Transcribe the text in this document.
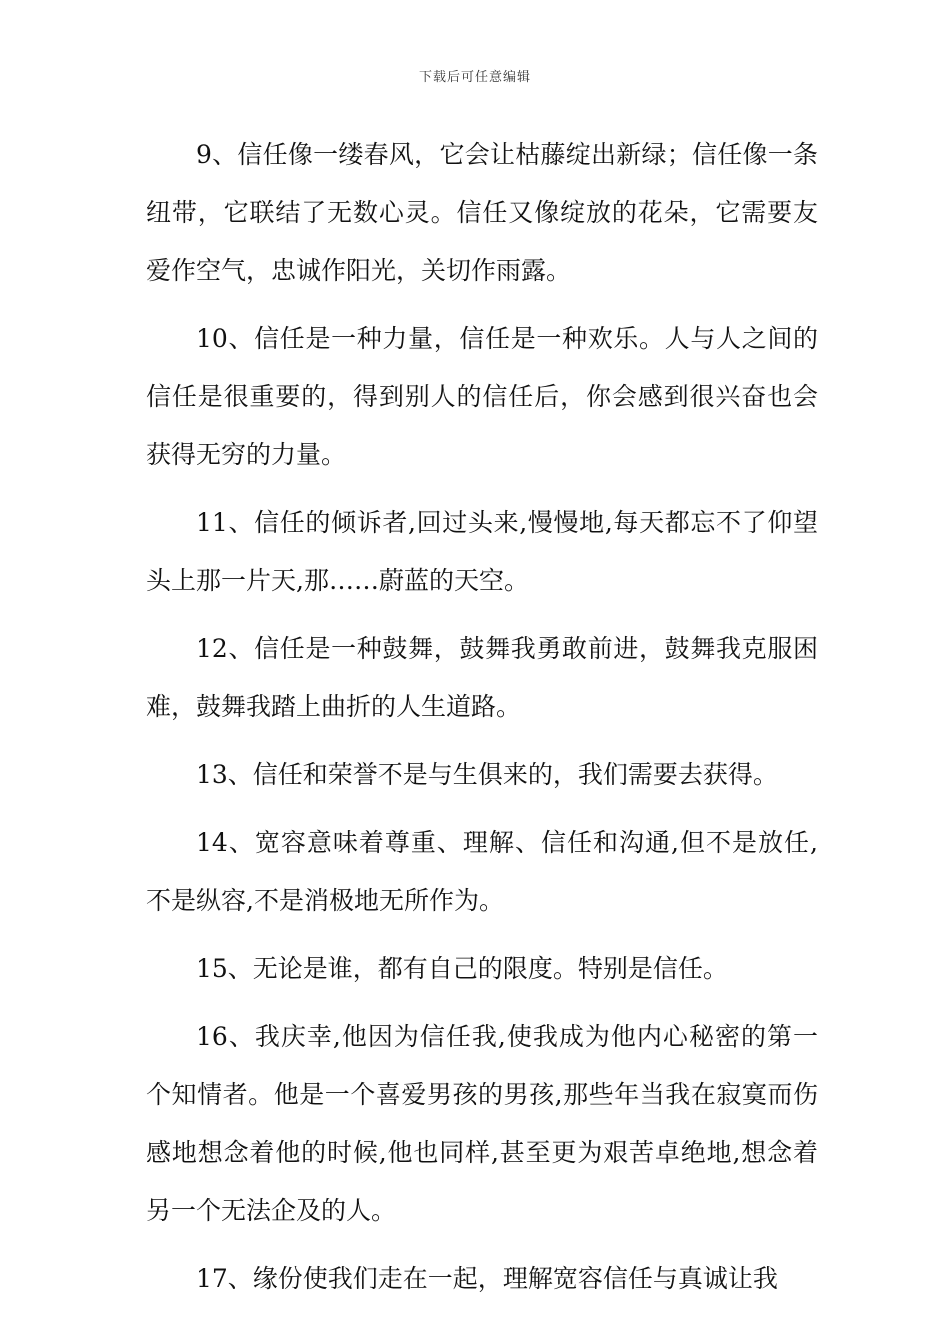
下载后可任意编辑

9、信任像一缕春风，它会让枯藤绽出新绿；信任像一条纽带，它联结了无数心灵。信任又像绽放的花朵，它需要友爱作空气，忠诚作阳光，关切作雨露。

10、信任是一种力量，信任是一种欢乐。人与人之间的信任是很重要的，得到别人的信任后，你会感到很兴奋也会获得无穷的力量。

11、信任的倾诉者,回过头来,慢慢地,每天都忘不了仰望头上那一片天,那……蔚蓝的天空。

12、信任是一种鼓舞，鼓舞我勇敢前进，鼓舞我克服困难，鼓舞我踏上曲折的人生道路。

13、信任和荣誉不是与生俱来的，我们需要去获得。

14、宽容意味着尊重、理解、信任和沟通,但不是放任,不是纵容,不是消极地无所作为。

15、无论是谁，都有自己的限度。特别是信任。

16、我庆幸,他因为信任我,使我成为他内心秘密的第一个知情者。他是一个喜爱男孩的男孩,那些年当我在寂寞而伤感地想念着他的时候,他也同样,甚至更为艰苦卓绝地,想念着另一个无法企及的人。

17、缘份使我们走在一起，理解宽容信任与真诚让我
